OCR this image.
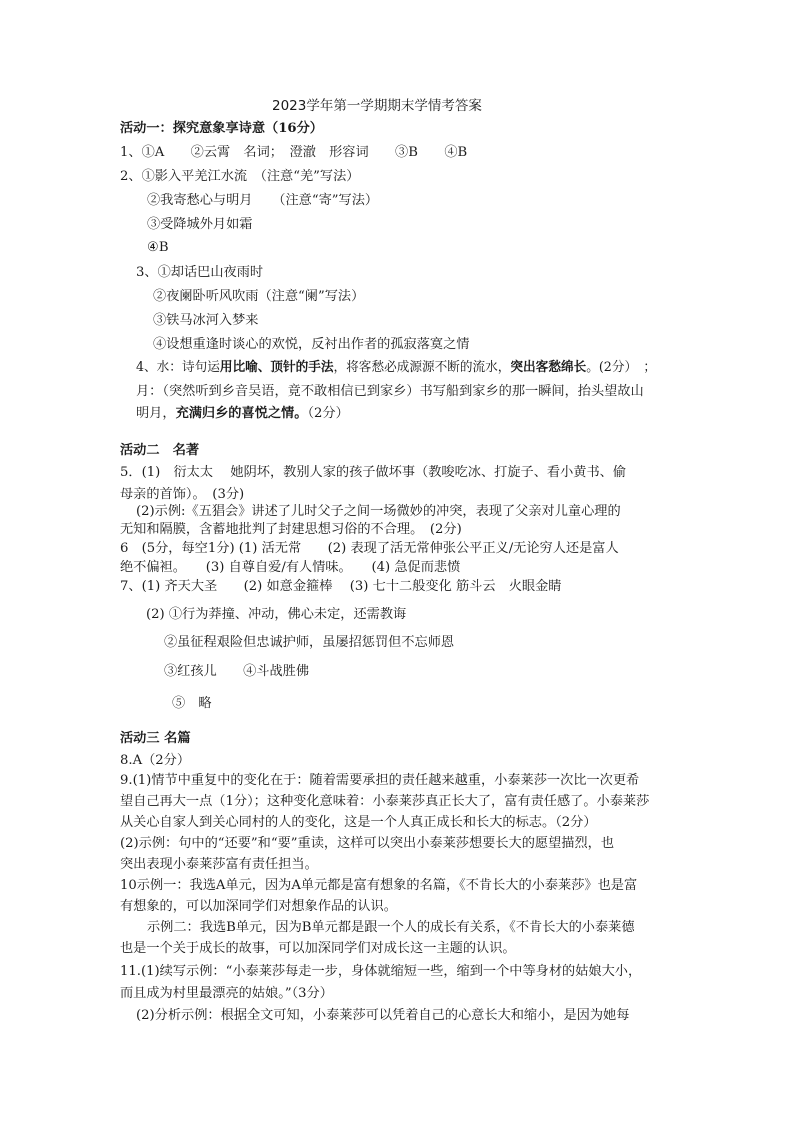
2023学年第一学期期末学情考答案
活动一：探究意象享诗意（16分）
1、①A　　②云霄　名词；　澄澈　形容词　　③B　　④B
2、①影入平羌江水流　（注意“羌”写法）
②我寄愁心与明月　　（注意“寄”写法）
③受降城外月如霜
④B
3、①却话巴山夜雨时
②夜阑卧听风吹雨（注意“阑”写法）
③铁马冰河入梦来
④设想重逢时谈心的欢悦，反衬出作者的孤寂落寞之情
4、水：诗句运用比喻、顶针的手法，将客愁必成源源不断的流水，突出客愁绵长。(2分）　；
月：（突然听到乡音吴语，竟不敢相信已到家乡）书写船到家乡的那一瞬间，抬头望故山
明月，充满归乡的喜悦之情。（2分）
活动二　名著
5．(1)　衍太太　 她阴坏，教别人家的孩子做坏事（教唆吃冰、打旋子、看小黄书、偷
母亲的首饰）。　(3分)
(2)示例:《五猖会》讲述了儿时父子之间一场微妙的冲突，表现了父亲对儿童心理的
无知和隔膜，含蓄地批判了封建思想习俗的不合理。　(2分)
6　(5分，每空1分) (1) 活无常　　(2) 表现了活无常伸张公平正义/无论穷人还是富人
绝不偏袒。　　(3) 自尊自爱/有人情味。　　(4) 急促而悲愤
7、(1) 齐天大圣　　(2) 如意金箍棒　 (3) 七十二般变化 筋斗云　火眼金睛
(2) ①行为莽撞、冲动，佛心未定，还需教诲
②虽征程艰险但忠诚护师，虽屡招惩罚但不忘师恩
③红孩儿　　④斗战胜佛
⑤　略
活动三 名篇
8.A（2分）
9.(1)情节中重复中的变化在于：随着需要承担的责任越来越重，小泰莱莎一次比一次更希
望自己再大一点（1分）；这种变化意味着：小泰莱莎真正长大了，富有责任感了。小泰莱莎
从关心自家人到关心同村的人的变化，这是一个人真正成长和长大的标志。（2分）
(2)示例：句中的“还要”和“要”重读，这样可以突出小泰莱莎想要长大的愿望描烈，也
突出表现小泰莱莎富有责任担当。
10示例一：我选A单元，因为A单元都是富有想象的名篇，《不肯长大的小泰莱莎》也是富
有想象的，可以加深同学们对想象作品的认识。
示例二：我选B单元，因为B单元都是跟一个人的成长有关系，《不肯长大的小泰莱德
也是一个关于成长的故事，可以加深同学们对成长这一主题的认识。
11.(1)续写示例：“小泰莱莎每走一步，身体就缩短一些，缩到一个中等身材的姑娘大小，
而且成为村里最漂亮的姑娘。”（3分）
(2)分析示例：根据全文可知，小泰莱莎可以凭着自己的心意长大和缩小，是因为她每
